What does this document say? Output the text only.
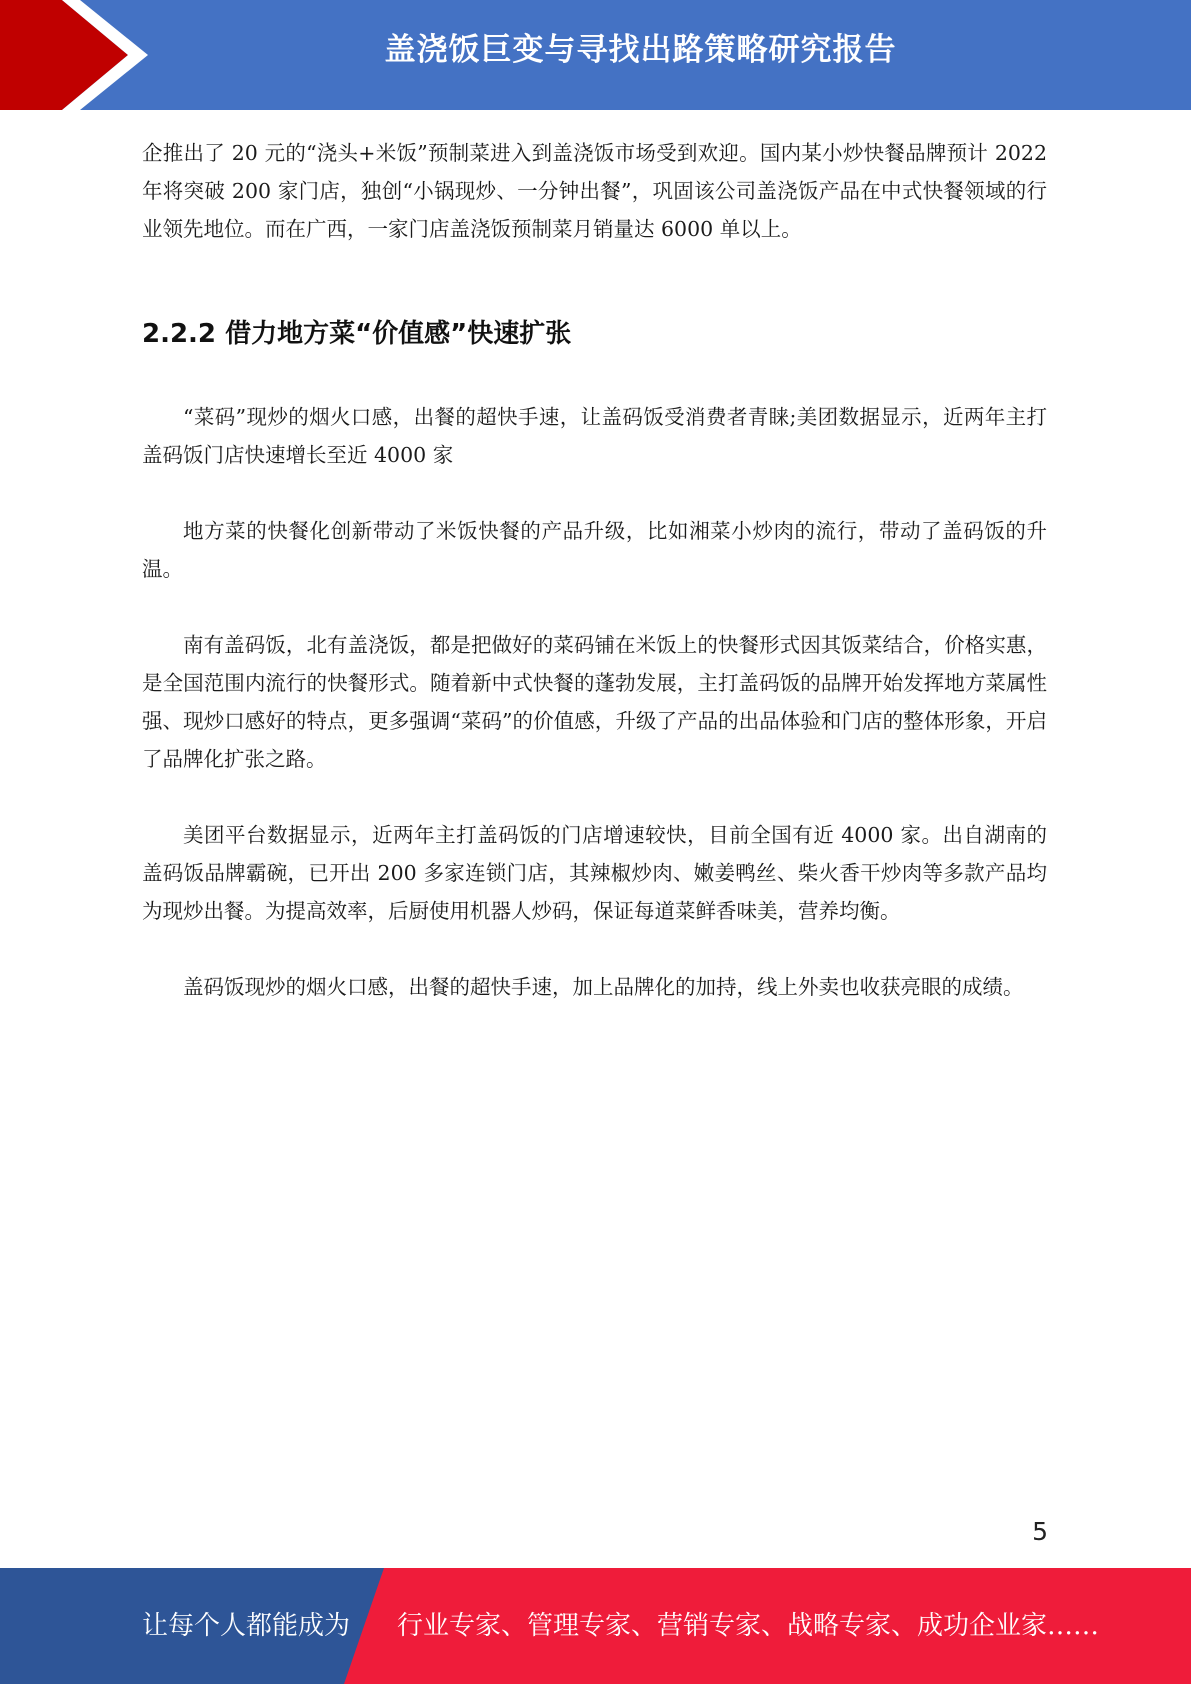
盖浇饭巨变与寻找出路策略研究报告

企推出了 20 元的“浇头+米饭”预制菜进入到盖浇饭市场受到欢迎。国内某小炒快餐品牌预计 2022 年将突破 200 家门店，独创“小锅现炒、一分钟出餐”，巩固该公司盖浇饭产品在中式快餐领域的行业领先地位。而在广西，一家门店盖浇饭预制菜月销量达 6000 单以上。

2.2.2 借力地方菜“价值感”快速扩张

“菜码”现炒的烟火口感，出餐的超快手速，让盖码饭受消费者青睐;美团数据显示，近两年主打盖码饭门店快速增长至近 4000 家

地方菜的快餐化创新带动了米饭快餐的产品升级，比如湘菜小炒肉的流行，带动了盖码饭的升温。

南有盖码饭，北有盖浇饭，都是把做好的菜码铺在米饭上的快餐形式因其饭菜结合，价格实惠，是全国范围内流行的快餐形式。随着新中式快餐的蓬勃发展，主打盖码饭的品牌开始发挥地方菜属性强、现炒口感好的特点，更多强调“菜码”的价值感，升级了产品的出品体验和门店的整体形象，开启了品牌化扩张之路。

美团平台数据显示，近两年主打盖码饭的门店增速较快，目前全国有近 4000 家。出自湖南的盖码饭品牌霸碗，已开出 200 多家连锁门店，其辣椒炒肉、嫩姜鸭丝、柴火香干炒肉等多款产品均为现炒出餐。为提高效率，后厨使用机器人炒码，保证每道菜鲜香味美，营养均衡。

盖码饭现炒的烟火口感，出餐的超快手速，加上品牌化的加持，线上外卖也收获亮眼的成绩。

5
让每个人都能成为 行业专家、管理专家、营销专家、战略专家、成功企业家……
